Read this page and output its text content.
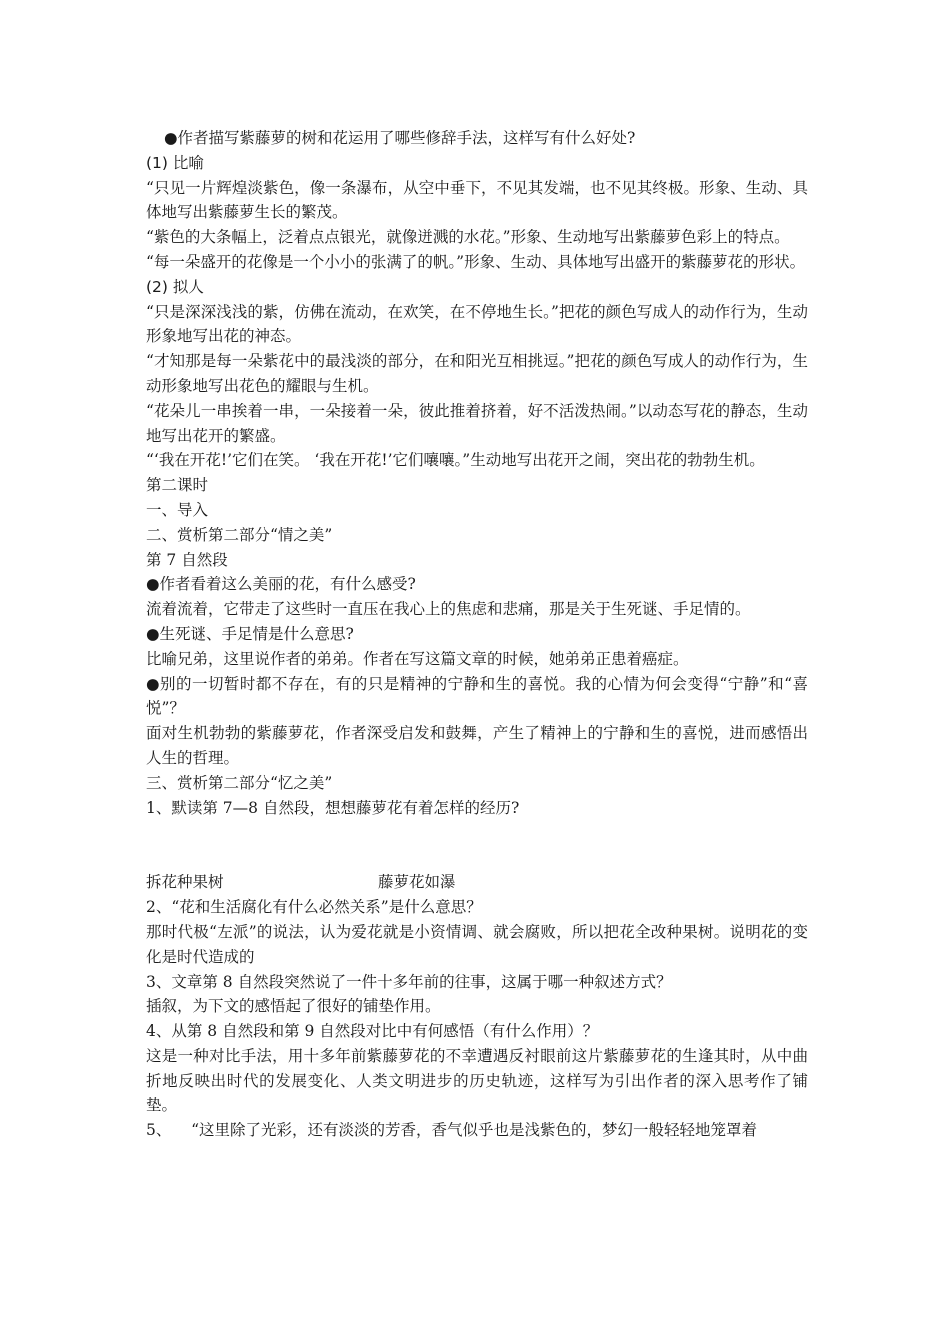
●作者描写紫藤萝的树和花运用了哪些修辞手法，这样写有什么好处?

(1) 比喻

“只见一片辉煌淡紫色，像一条瀑布，从空中垂下，不见其发端，也不见其终极。形象、生动、具体地写出紫藤萝生长的繁茂。

“紫色的大条幅上，泛着点点银光，就像迸溅的水花。”形象、生动地写出紫藤萝色彩上的特点。

“每一朵盛开的花像是一个小小的张满了的帆。”形象、生动、具体地写出盛开的紫藤萝花的形状。

(2) 拟人

“只是深深浅浅的紫，仿佛在流动，在欢笑，在不停地生长。”把花的颜色写成人的动作行为，生动形象地写出花的神态。

“才知那是每一朵紫花中的最浅淡的部分，在和阳光互相挑逗。”把花的颜色写成人的动作行为，生动形象地写出花色的耀眼与生机。

“花朵儿一串挨着一串，一朵接着一朵，彼此推着挤着，好不活泼热闹。”以动态写花的静态，生动地写出花开的繁盛。

“‘我在开花!’它们在笑。 ‘我在开花!’它们嚷嚷。”生动地写出花开之闹，突出花的勃勃生机。

第二课时

一、导入

二、赏析第二部分“情之美”

第 7 自然段

●作者看着这么美丽的花，有什么感受?

流着流着，它带走了这些时一直压在我心上的焦虑和悲痛，那是关于生死谜、手足情的。

●生死谜、手足情是什么意思?

比喻兄弟，这里说作者的弟弟。作者在写这篇文章的时候，她弟弟正患着癌症。

●别的一切暂时都不存在，有的只是精神的宁静和生的喜悦。我的心情为何会变得“宁静”和“喜悦”？

面对生机勃勃的紫藤萝花，作者深受启发和鼓舞，产生了精神上的宁静和生的喜悦，进而感悟出人生的哲理。

三、赏析第二部分“忆之美”

1、默读第 7—8 自然段，想想藤萝花有着怎样的经历?

拆花种果树	藤萝花如瀑

2、“花和生活腐化有什么必然关系”是什么意思？

那时代极“左派”的说法，认为爱花就是小资情调、就会腐败，所以把花全改种果树。说明花的变化是时代造成的

3、文章第 8 自然段突然说了一件十多年前的往事，这属于哪一种叙述方式？

插叙，为下文的感悟起了很好的铺垫作用。

4、从第 8 自然段和第 9 自然段对比中有何感悟（有什么作用）？

这是一种对比手法，用十多年前紫藤萝花的不幸遭遇反衬眼前这片紫藤萝花的生逢其时，从中曲折地反映出时代的发展变化、人类文明进步的历史轨迹，这样写为引出作者的深入思考作了铺垫。

5、    “这里除了光彩，还有淡淡的芳香，香气似乎也是浅紫色的，梦幻一般轻轻地笼罩着
